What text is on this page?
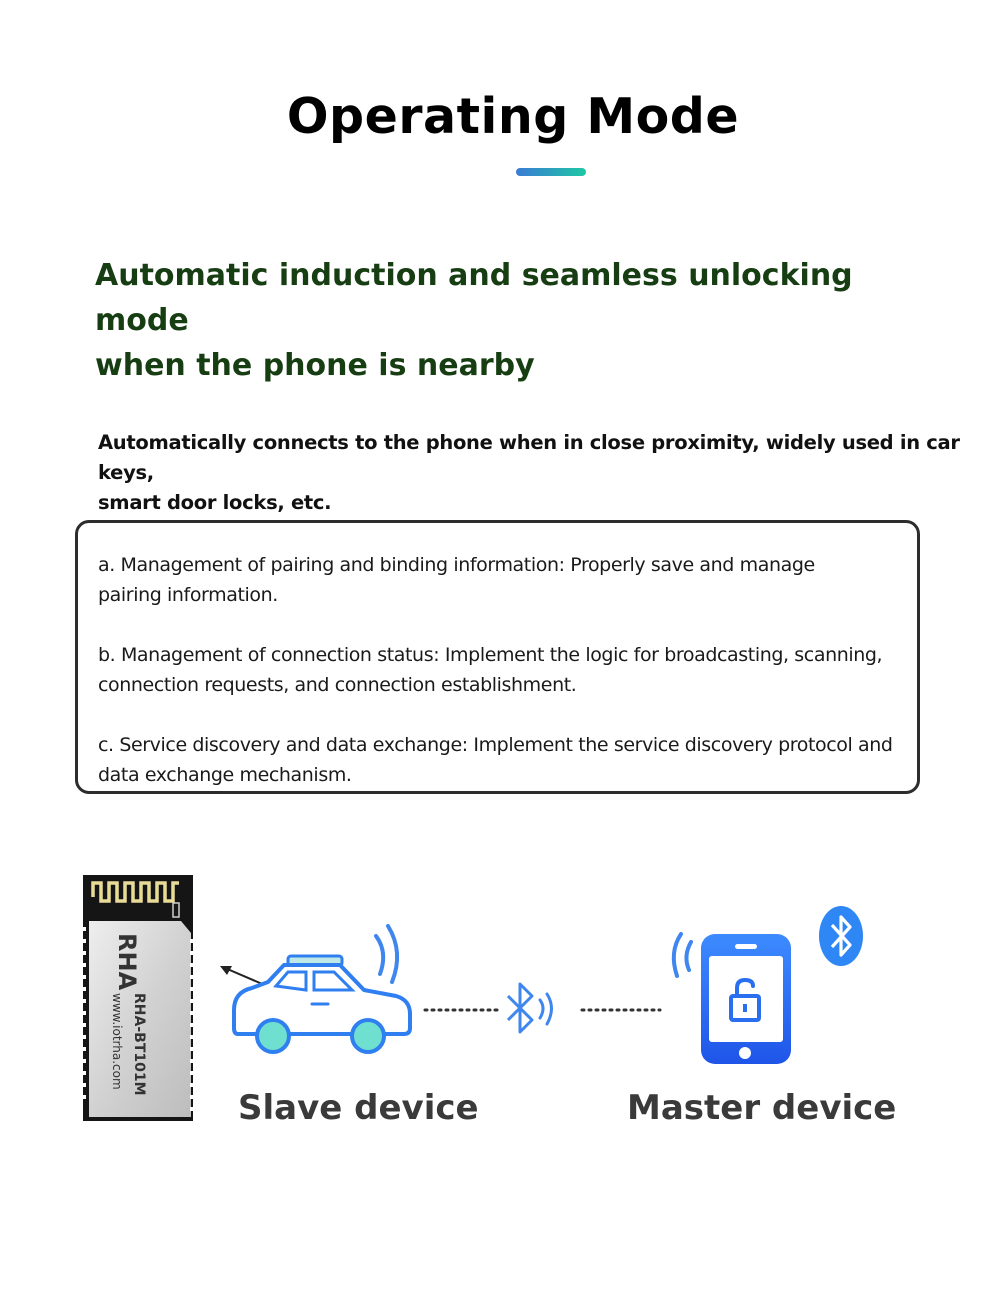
Operating Mode
Automatic induction and seamless unlocking mode
when the phone is nearby

Automatically connects to the phone when in close proximity, widely used in car keys,
smart door locks, etc.

a. Management of pairing and binding information: Properly save and manage
pairing information.

b. Management of connection status: Implement the logic for broadcasting, scanning,
connection requests, and connection establishment.

c. Service discovery and data exchange: Implement the service discovery protocol and
data exchange mechanism.

RHA
RHA-BT101M
www.iotrha.com
Slave device	Master device
